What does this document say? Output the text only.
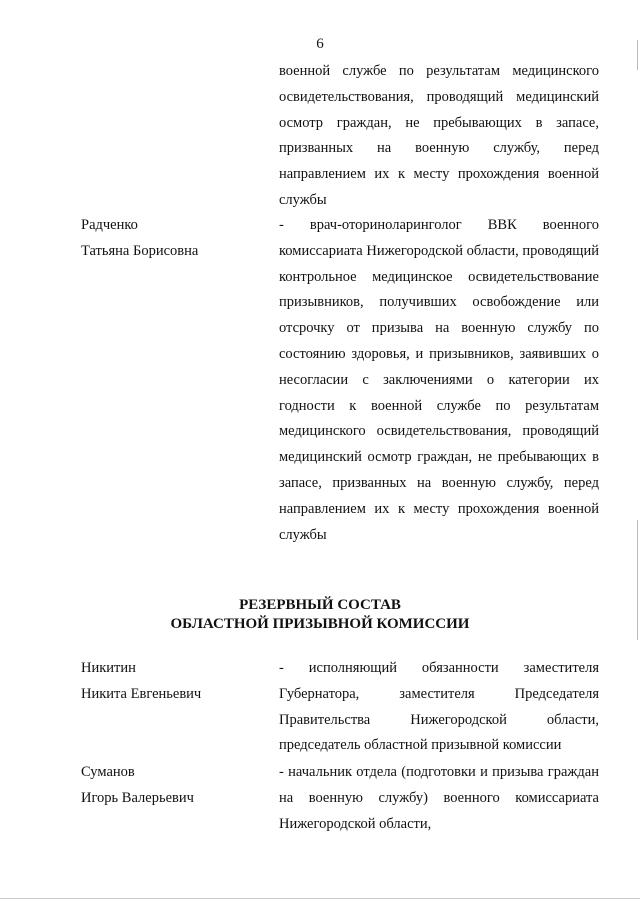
6
военной службе по результатам медицинского освидетельствования, проводящий медицинский осмотр граждан, не пребывающих в запасе, призванных на военную службу, перед направлением их к месту прохождения военной службы
Радченко
Татьяна Борисовна
- врач-оториноларинголог ВВК военного комиссариата Нижегородской области, проводящий контрольное медицинское освидетельствование призывников, получивших освобождение или отсрочку от призыва на военную службу по состоянию здоровья, и призывников, заявивших о несогласии с заключениями о категории их годности к военной службе по результатам медицинского освидетельствования, проводящий медицинский осмотр граждан, не пребывающих в запасе, призванных на военную службу, перед направлением их к месту прохождения военной службы
РЕЗЕРВНЫЙ СОСТАВ
ОБЛАСТНОЙ ПРИЗЫВНОЙ КОМИССИИ
Никитин
Никита Евгеньевич
- исполняющий обязанности заместителя Губернатора, заместителя Председателя Правительства Нижегородской области, председатель областной призывной комиссии
Суманов
Игорь Валерьевич
- начальник отдела (подготовки и призыва граждан на военную службу) военного комиссариата Нижегородской области,
